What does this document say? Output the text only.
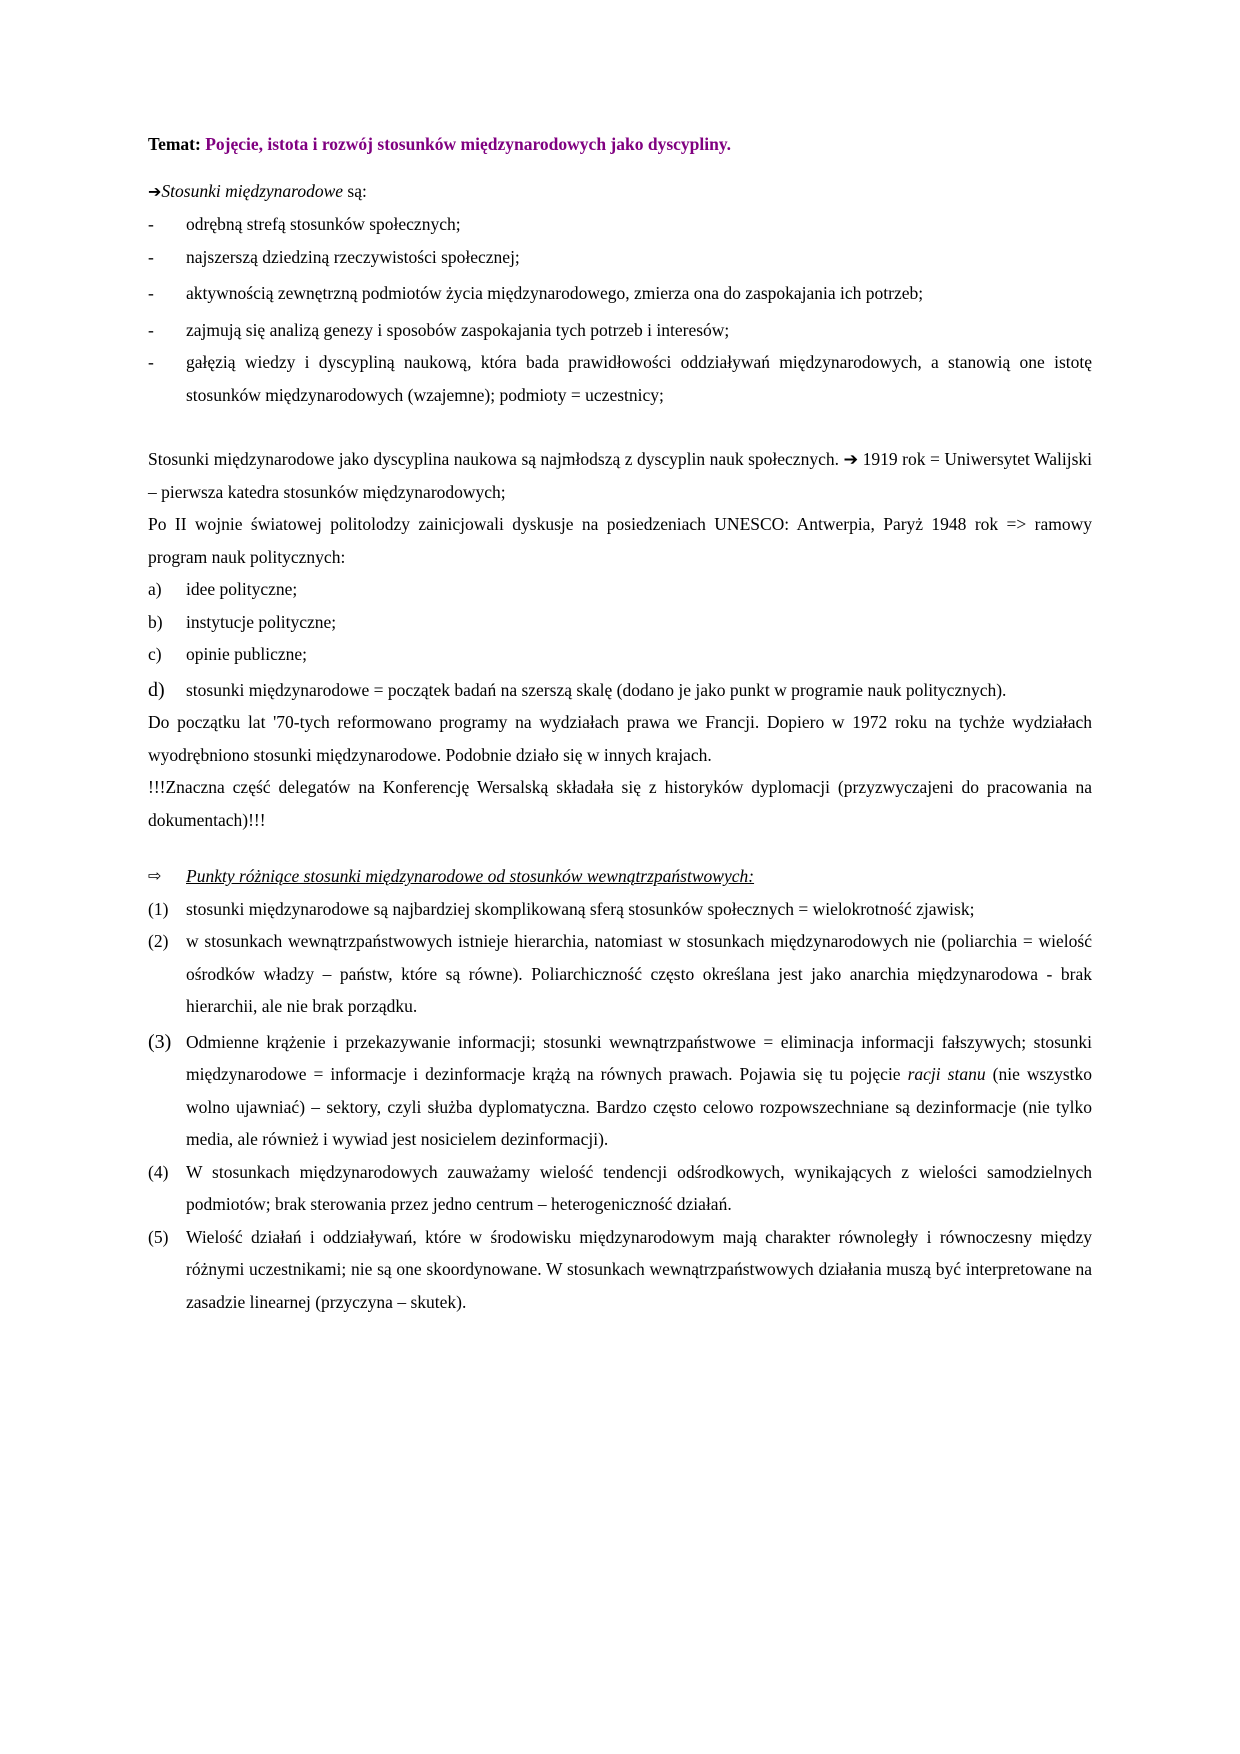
Temat: Pojęcie, istota i rozwój stosunków międzynarodowych jako dyscypliny.
➔Stosunki międzynarodowe są:
-	odrębną strefą stosunków społecznych;
-	najszerszą dziedziną rzeczywistości społecznej;
-	aktywnością zewnętrzną podmiotów życia międzynarodowego, zmierza ona do zaspokajania ich potrzeb;
-	zajmują się analizą genezy i sposobów zaspokajania tych potrzeb i interesów;
-	gałęzią wiedzy i dyscypliną naukową, która bada prawidłowości oddziaływań międzynarodowych, a stanowią one istotę stosunków międzynarodowych (wzajemne); podmioty = uczestnicy;

Stosunki międzynarodowe jako dyscyplina naukowa są najmłodszą z dyscyplin nauk społecznych. ➔ 1919 rok = Uniwersytet Walijski – pierwsza katedra stosunków międzynarodowych;

Po II wojnie światowej politolodzy zainicjowali dyskusje na posiedzeniach UNESCO: Antwerpia, Paryż 1948 rok => ramowy program nauk politycznych:

a)	idee polityczne;
b)	instytucje polityczne;
c)	opinie publiczne;
d)	stosunki międzynarodowe = początek badań na szerszą skalę (dodano je jako punkt w programie nauk politycznych).

Do początku lat '70-tych reformowano programy na wydziałach prawa we Francji. Dopiero w 1972 roku na tychże wydziałach wyodrębniono stosunki międzynarodowe. Podobnie działo się w innych krajach.

!!!Znaczna część delegatów na Konferencję Wersalską składała się z historyków dyplomacji (przyzwyczajeni do pracowania na dokumentach)!!!

⇨	Punkty różniące stosunki międzynarodowe od stosunków wewnątrzpaństwowych:
(1)	stosunki międzynarodowe są najbardziej skomplikowaną sferą stosunków społecznych = wielokrotność zjawisk;
(2)	w stosunkach wewnątrzpaństwowych istnieje hierarchia, natomiast w stosunkach międzynarodowych nie (poliarchia = wielość ośrodków władzy – państw, które są równe). Poliarchiczność często określana jest jako anarchia międzynarodowa - brak hierarchii, ale nie brak porządku.
(3) Odmienne krążenie i przekazywanie informacji; stosunki wewnątrzpaństwowe = eliminacja informacji fałszywych; stosunki międzynarodowe = informacje i dezinformacje krążą na równych prawach. Pojawia się tu pojęcie racji stanu (nie wszystko wolno ujawniać) – sektory, czyli służba dyplomatyczna. Bardzo często celowo rozpowszechniane są dezinformacje (nie tylko media, ale również i wywiad jest nosicielem dezinformacji).
(4)	W stosunkach międzynarodowych zauważamy wielość tendencji odśrodkowych, wynikających z wielości samodzielnych podmiotów; brak sterowania przez jedno centrum – heterogeniczność działań.
(5)	Wielość działań i oddziaływań, które w środowisku międzynarodowym mają charakter równoległy i równoczesny między różnymi uczestnikami; nie są one skoordynowane. W stosunkach wewnątrzpaństwowych działania muszą być interpretowane na zasadzie linearnej (przyczyna – skutek).
